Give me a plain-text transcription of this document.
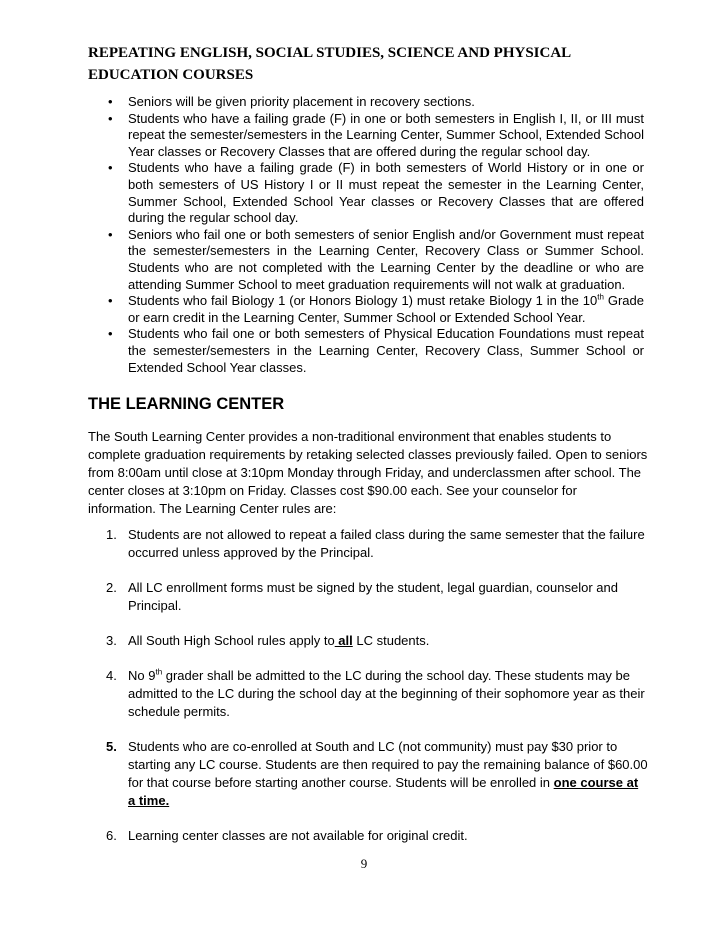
REPEATING ENGLISH, SOCIAL STUDIES, SCIENCE AND PHYSICAL
EDUCATION COURSES
• Seniors will be given priority placement in recovery sections.
• Students who have a failing grade (F) in one or both semesters in English I, II, or III must repeat the semester/semesters in the Learning Center, Summer School, Extended School Year classes or Recovery Classes that are offered during the regular school day.
• Students who have a failing grade (F) in both semesters of World History or in one or both semesters of US History I or II must repeat the semester in the Learning Center, Summer School, Extended School Year classes or Recovery Classes that are offered during the regular school day.
• Seniors who fail one or both semesters of senior English and/or Government must repeat the semester/semesters in the Learning Center, Recovery Class or Summer School. Students who are not completed with the Learning Center by the deadline or who are attending Summer School to meet graduation requirements will not walk at graduation.
• Students who fail Biology 1 (or Honors Biology 1) must retake Biology 1 in the 10th Grade or earn credit in the Learning Center, Summer School or Extended School Year.
• Students who fail one or both semesters of Physical Education Foundations must repeat the semester/semesters in the Learning Center, Recovery Class, Summer School or Extended School Year classes.
THE LEARNING CENTER

The South Learning Center provides a non-traditional environment that enables students to complete graduation requirements by retaking selected classes previously failed. Open to seniors from 8:00am until close at 3:10pm Monday through Friday, and underclassmen after school. The center closes at 3:10pm on Friday. Classes cost $90.00 each. See your counselor for information. The Learning Center rules are:

1. Students are not allowed to repeat a failed class during the same semester that the failure occurred unless approved by the Principal.
2. All LC enrollment forms must be signed by the student, legal guardian, counselor and Principal.
3. All South High School rules apply to all LC students.
4. No 9th grader shall be admitted to the LC during the school day. These students may be admitted to the LC during the school day at the beginning of their sophomore year as their schedule permits.
5. Students who are co-enrolled at South and LC (not community) must pay $30 prior to starting any LC course. Students are then required to pay the remaining balance of $60.00 for that course before starting another course. Students will be enrolled in one course at a time.
6. Learning center classes are not available for original credit.
9
